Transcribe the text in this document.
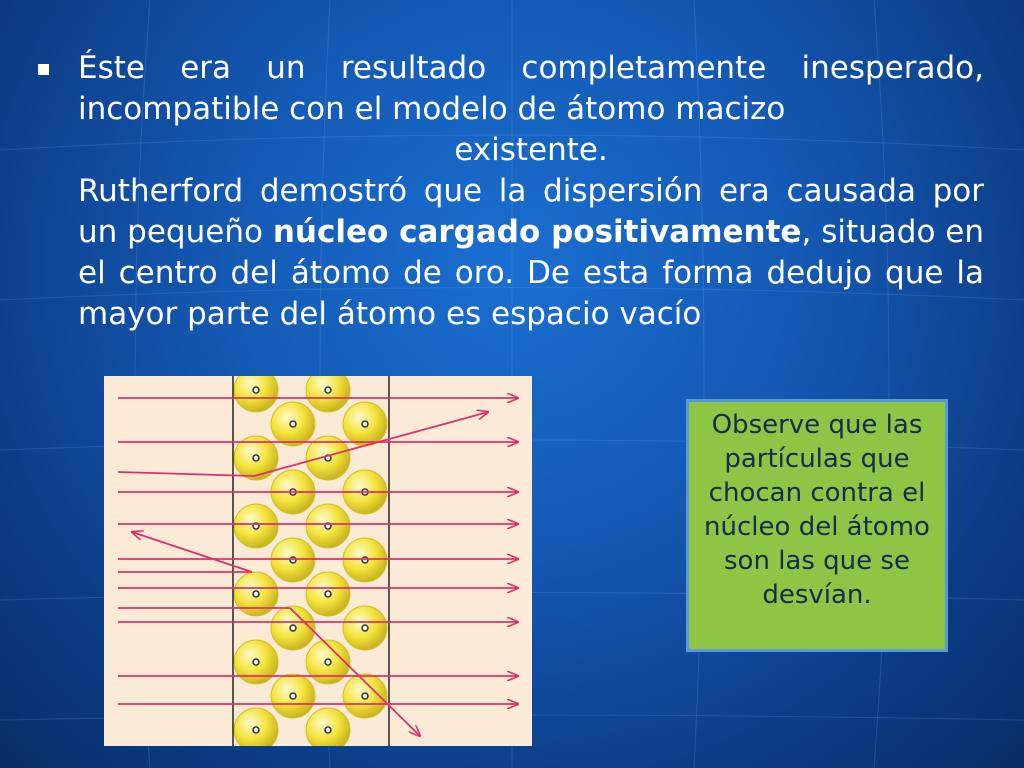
Éste era un resultado completamente inesperado, incompatible con el modelo de átomo macizo
existente.

Rutherford demostró que la dispersión era causada por un pequeño núcleo cargado positivamente, situado en el centro del átomo de oro. De esta forma dedujo que la mayor parte del átomo es espacio vacío

Observe que las partículas que chocan contra el núcleo del átomo son las que se desvían.
